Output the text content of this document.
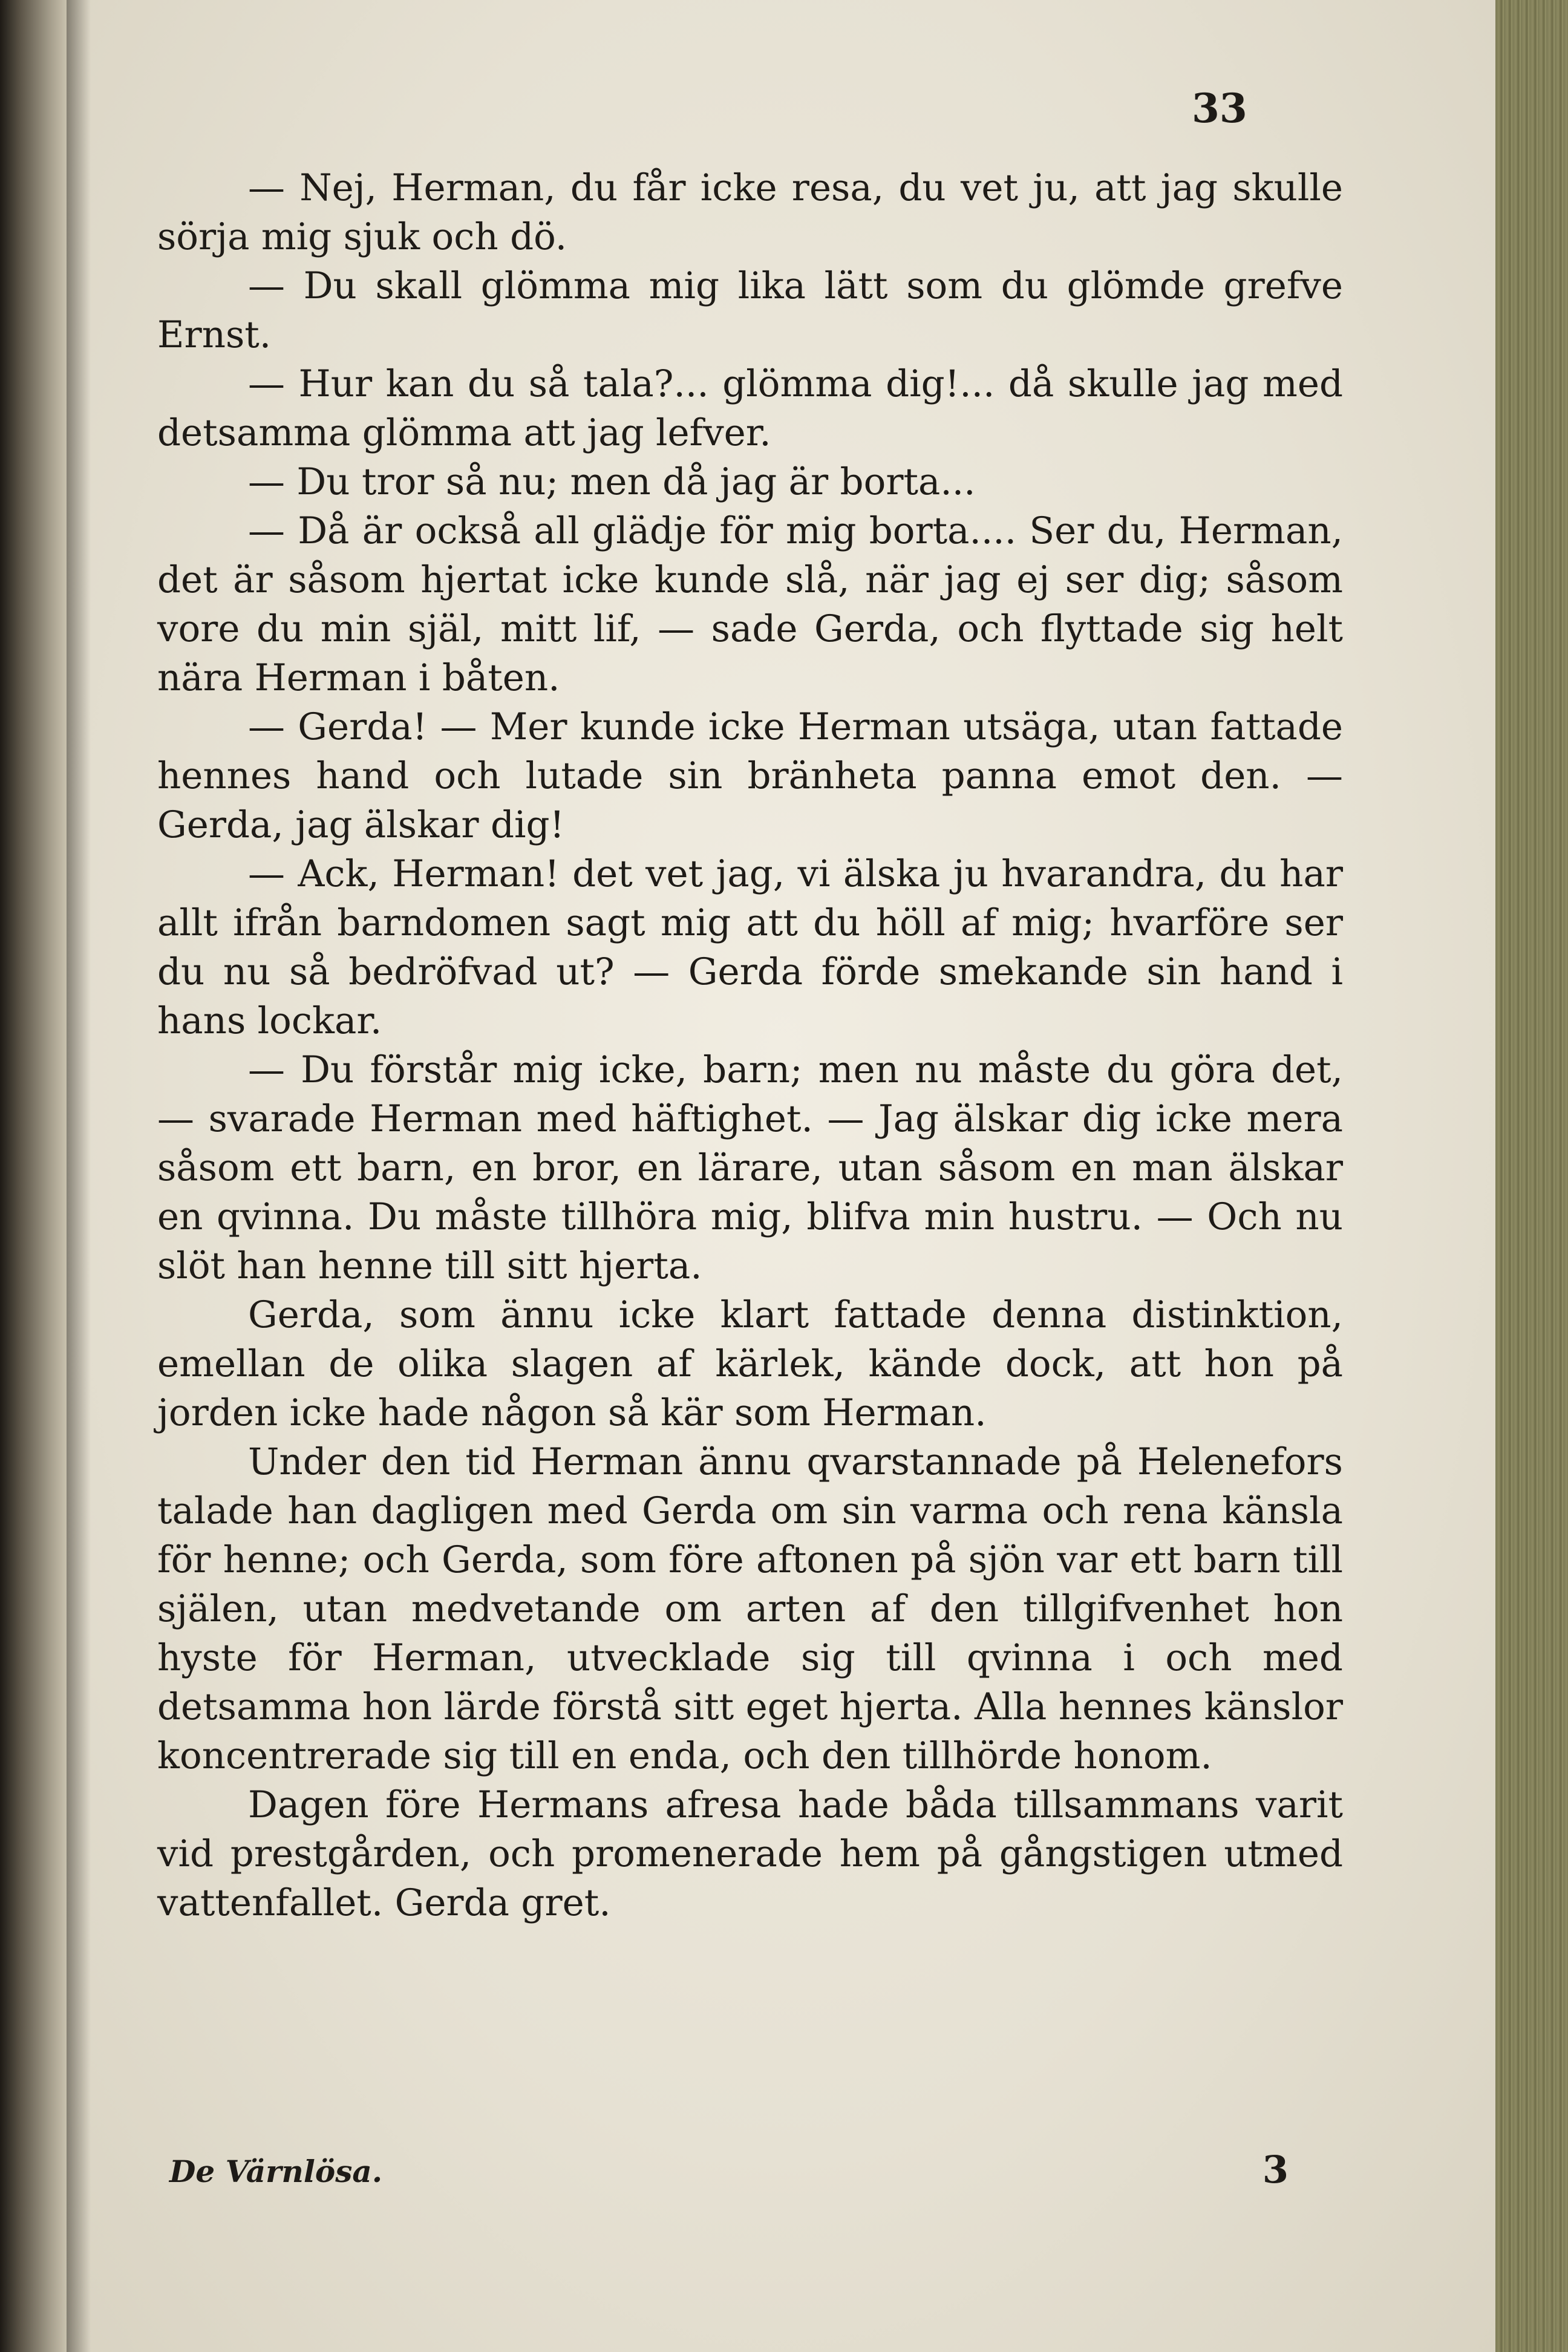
33

— Nej, Herman, du får icke resa, du vet ju, att jag skulle sörja mig sjuk och dö.

— Du skall glömma mig lika lätt som du glömde grefve Ernst.

— Hur kan du så tala?... glömma dig!... då skulle jag med detsamma glömma att jag lefver.

— Du tror så nu; men då jag är borta...

— Då är också all glädje för mig borta.... Ser du, Herman, det är såsom hjertat icke kunde slå, när jag ej ser dig; såsom vore du min själ, mitt lif, — sade Gerda, och flyttade sig helt nära Herman i båten.

— Gerda! — Mer kunde icke Herman utsäga, utan fattade hennes hand och lutade sin bränheta panna emot den. — Gerda, jag älskar dig!

— Ack, Herman! det vet jag, vi älska ju hvarandra, du har allt ifrån barndomen sagt mig att du höll af mig; hvarföre ser du nu så bedröfvad ut? — Gerda förde smekande sin hand i hans lockar.

— Du förstår mig icke, barn; men nu måste du göra det, — svarade Herman med häftighet. — Jag älskar dig icke mera såsom ett barn, en bror, en lärare, utan såsom en man älskar en qvinna. Du måste tillhöra mig, blifva min hustru. — Och nu slöt han henne till sitt hjerta.

Gerda, som ännu icke klart fattade denna distinktion, emellan de olika slagen af kärlek, kände dock, att hon på jorden icke hade någon så kär som Herman.

Under den tid Herman ännu qvarstannade på Helenefors talade han dagligen med Gerda om sin varma och rena känsla för henne; och Gerda, som före aftonen på sjön var ett barn till själen, utan medvetande om arten af den tillgifvenhet hon hyste för Herman, utvecklade sig till qvinna i och med detsamma hon lärde förstå sitt eget hjerta. Alla hennes känslor koncentrerade sig till en enda, och den tillhörde honom.

Dagen före Hermans afresa hade båda tillsammans varit vid prestgården, och promenerade hem på gångstigen utmed vattenfallet. Gerda gret.

De Värnlösa.	3
